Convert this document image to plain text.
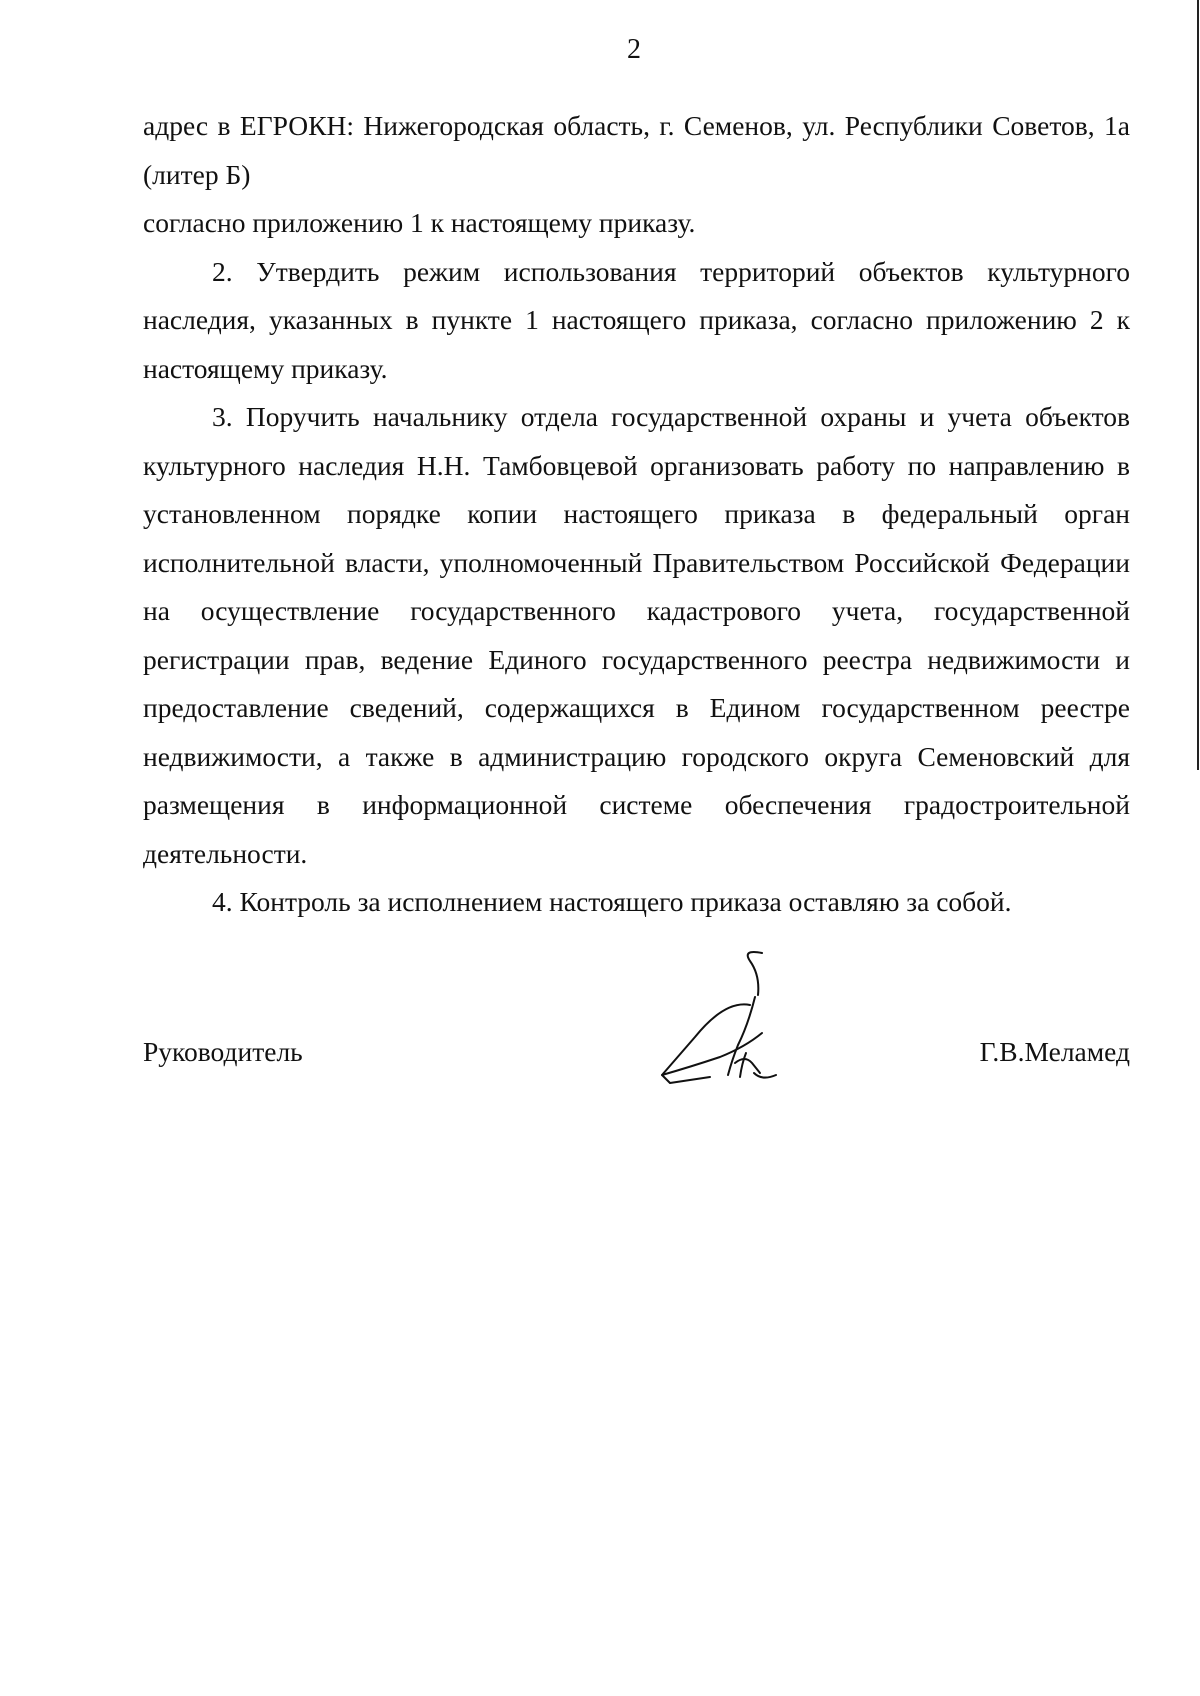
2

адрес в ЕГРОКН: Нижегородская область, г. Семенов, ул. Республики Советов, 1а (литер Б)

согласно приложению 1 к настоящему приказу.

2. Утвердить режим использования территорий объектов культурного наследия, указанных в пункте 1 настоящего приказа, согласно приложению 2 к настоящему приказу.

3. Поручить начальнику отдела государственной охраны и учета объектов культурного наследия Н.Н. Тамбовцевой организовать работу по направлению в установленном порядке копии настоящего приказа в федеральный орган исполнительной власти, уполномоченный Правительством Российской Федерации на осуществление государственного кадастрового учета, государственной регистрации прав, ведение Единого государственного реестра недвижимости и предоставление сведений, содержащихся в Едином государственном реестре недвижимости, а также в администрацию городского округа Семеновский для размещения в информационной системе обеспечения градостроительной деятельности.

4. Контроль за исполнением настоящего приказа оставляю за собой.

Руководитель	Г.В.Меламед
